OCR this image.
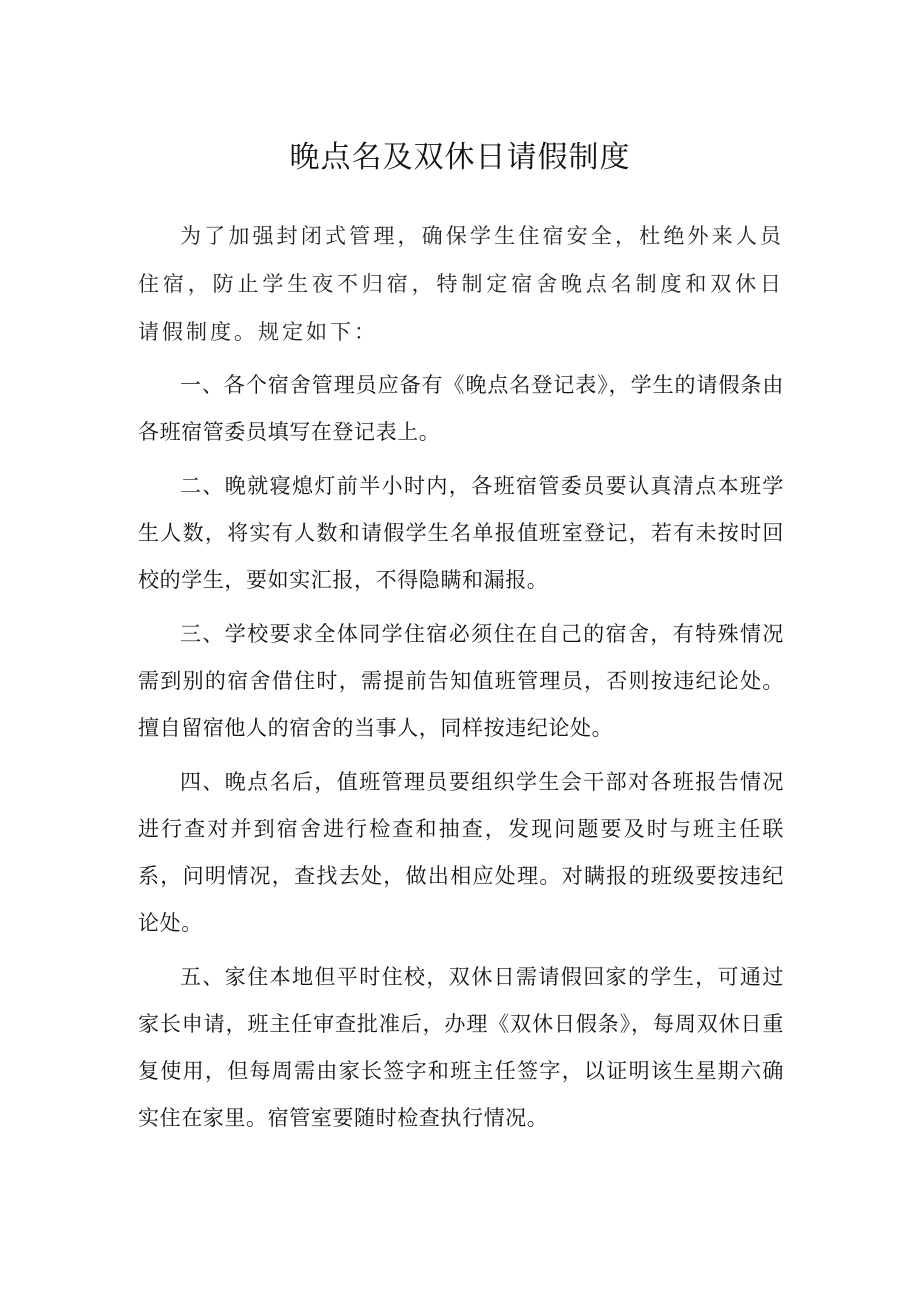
晚点名及双休日请假制度

为了加强封闭式管理，确保学生住宿安全，杜绝外来人员住宿，防止学生夜不归宿，特制定宿舍晚点名制度和双休日请假制度。规定如下：

一、各个宿舍管理员应备有《晚点名登记表》，学生的请假条由各班宿管委员填写在登记表上。

二、晚就寝熄灯前半小时内，各班宿管委员要认真清点本班学生人数，将实有人数和请假学生名单报值班室登记，若有未按时回校的学生，要如实汇报，不得隐瞒和漏报。

三、学校要求全体同学住宿必须住在自己的宿舍，有特殊情况需到别的宿舍借住时，需提前告知值班管理员，否则按违纪论处。擅自留宿他人的宿舍的当事人，同样按违纪论处。

四、晚点名后，值班管理员要组织学生会干部对各班报告情况进行查对并到宿舍进行检查和抽查，发现问题要及时与班主任联系，问明情况，查找去处，做出相应处理。对瞒报的班级要按违纪论处。

五、家住本地但平时住校，双休日需请假回家的学生，可通过家长申请，班主任审查批准后，办理《双休日假条》，每周双休日重复使用，但每周需由家长签字和班主任签字，以证明该生星期六确实住在家里。宿管室要随时检查执行情况。
